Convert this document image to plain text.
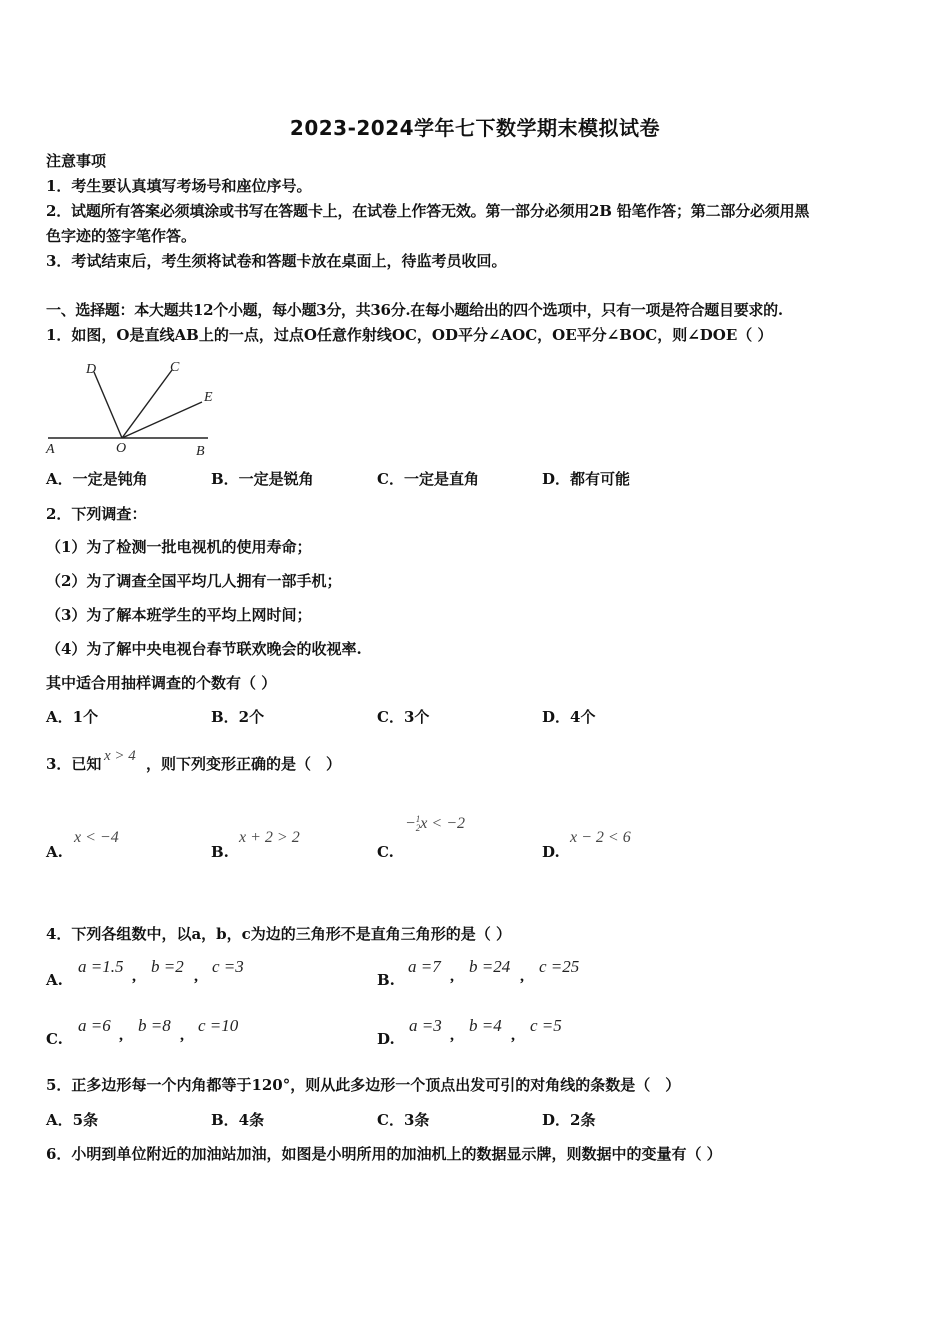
2023-2024学年七下数学期末模拟试卷
注意事项
1．考生要认真填写考场号和座位序号。
2．试题所有答案必须填涂或书写在答题卡上，在试卷上作答无效。第一部分必须用2B 铅笔作答；第二部分必须用黑
色字迹的签字笔作答。
3．考试结束后，考生须将试卷和答题卡放在桌面上，待监考员收回。
一、选择题：本大题共12个小题，每小题3分，共36分.在每小题给出的四个选项中，只有一项是符合题目要求的.
1．如图，O是直线AB上的一点，过点O任意作射线OC，OD平分∠AOC，OE平分∠BOC，则∠DOE（ ）
A	O	B
C
D
E
A．一定是钝角	B．一定是锐角	C．一定是直角	D．都有可能
2．下列调查：
（1）为了检测一批电视机的使用寿命；
（2）为了调查全国平均几人拥有一部手机；
（3）为了解本班学生的平均上网时间；
（4）为了解中央电视台春节联欢晚会的收视率.
其中适合用抽样调查的个数有（ ）
A．1个	B．2个	C．3个	D．4个
3．已知 x > 4 ，则下列变形正确的是（　）
A.
x < −4
B.
x + 2 > 2
C.
−1
2x < −2
D.
x − 2 < 6
4．下列各组数中，以a，b，c为边的三角形不是直角三角形的是（ ）
A.
a =1.5
,
b =2
,
c =3
B.
a =7
,
b =24
,
c =25
C.
a =6
,
b =8
,
c =10
D.
a =3
,
b =4
,
c =5
5．正多边形每一个内角都等于120°，则从此多边形一个顶点出发可引的对角线的条数是（　）
A．5条	B．4条	C．3条	D．2条
6．小明到单位附近的加油站加油，如图是小明所用的加油机上的数据显示牌，则数据中的变量有（ ）
